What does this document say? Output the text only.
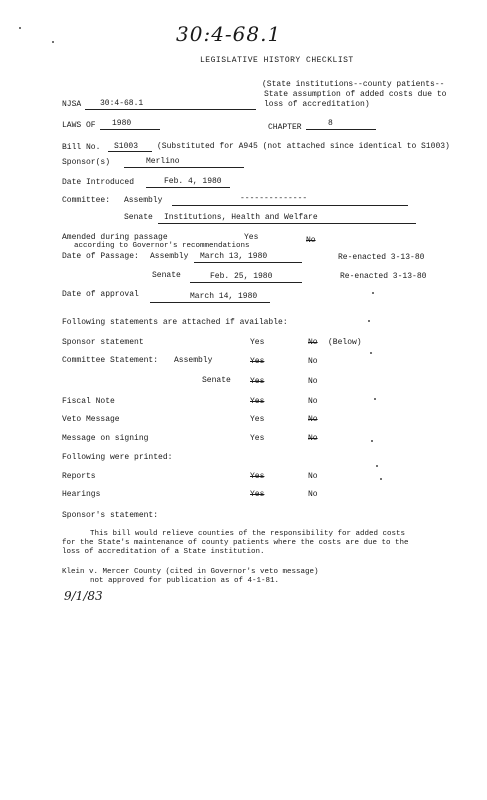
30:4-68.1
LEGISLATIVE HISTORY CHECKLIST
(State institutions--county patients--
State assumption of added costs due to
loss of accreditation)
NJSA 30:4-68.1
LAWS OF 1980	CHAPTER	8
Bill No. S1003 (Substituted for A945 (not attached since identical to S1003)
Sponsor(s)	Merlino
Date Introduced	Feb. 4, 1980
Committee: Assembly	--------------
Senate Institutions, Health and Welfare
Amended during passage	Yes	No
according to Governor's recommendations
Date of Passage: Assembly March 13, 1980	Re-enacted 3-13-80
Senate	Feb. 25, 1980	Re-enacted 3-13-80
Date of approval	March 14, 1980
Following statements are attached if available:
Sponsor statement	Yes	No (Below)
Committee Statement: Assembly	Yes	No
Senate Yes	No
Fiscal Note	Yes	No
Veto Message	Yes	No
Message on signing	Yes	No
Following were printed:
Reports	Yes	No
Hearings	Yes	No
Sponsor's statement:
This bill would relieve counties of the responsibility for added costs
for the State's maintenance of county patients where the costs are due to the
loss of accreditation of a State institution.
Klein v. Mercer County (cited in Governor's veto message)
not approved for publication as of 4-1-81.
9/1/83
